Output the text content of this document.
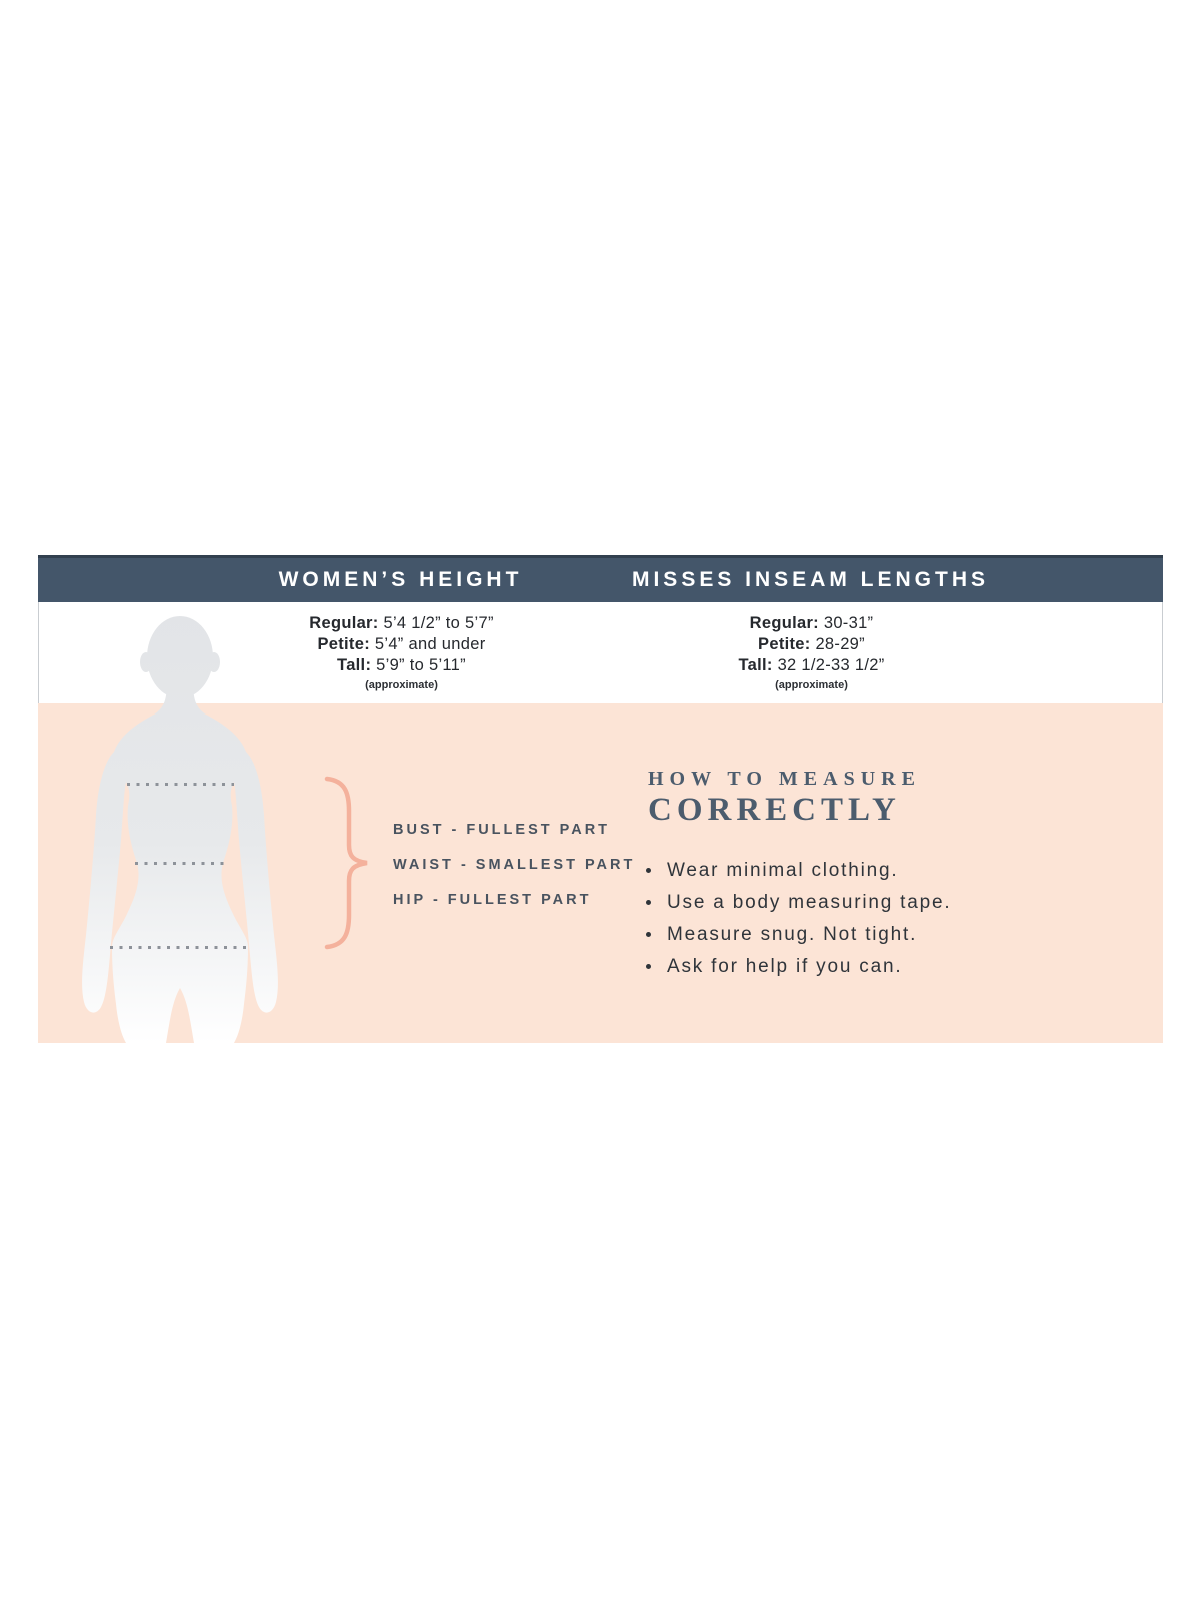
WOMEN’S HEIGHT	MISSES INSEAM LENGTHS
Regular: 5’4 1/2” to 5’7”
Petite: 5’4” and under
Tall: 5’9” to 5’11”
(approximate)
Regular: 30-31”
Petite: 28-29”
Tall: 32 1/2-33 1/2”
(approximate)
BUST - FULLEST PART
WAIST - SMALLEST PART
HIP - FULLEST PART
HOW TO MEASURE
CORRECTLY
Wear minimal clothing.
Use a body measuring tape.
Measure snug. Not tight.
Ask for help if you can.
